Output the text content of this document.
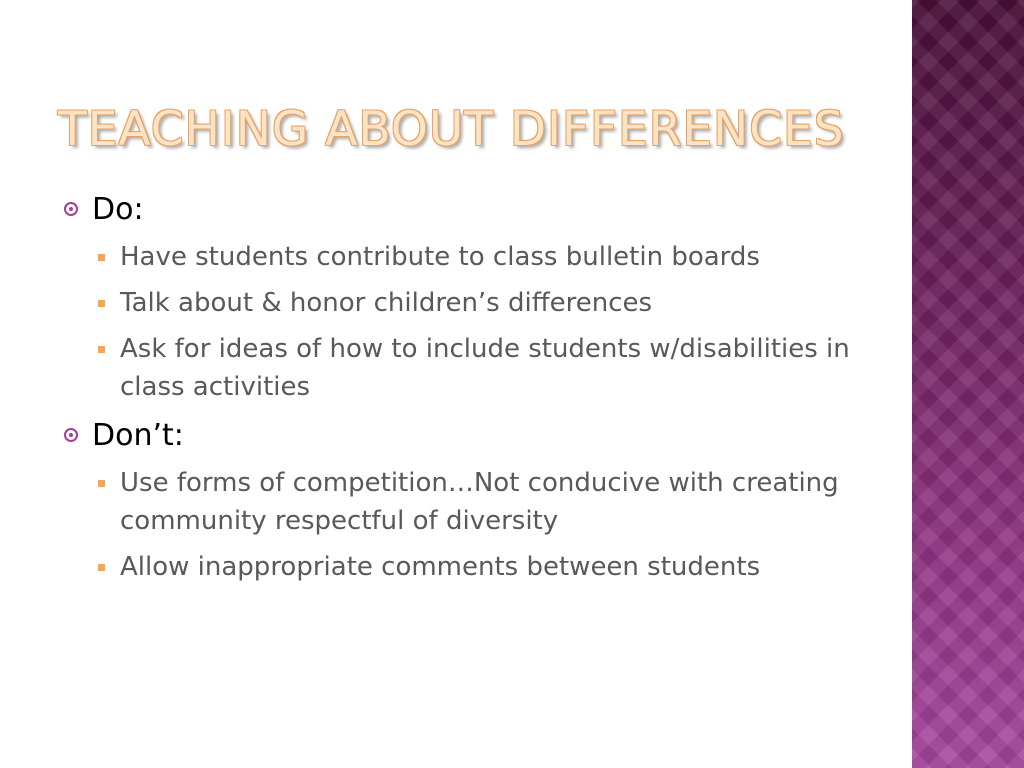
TEACHING ABOUT DIFFERENCES
Do:
Have students contribute to class bulletin boards
Talk about & honor children’s differences
Ask for ideas of how to include students w/disabilities in class activities
Don’t:
Use forms of competition…Not conducive with creating community respectful of diversity
Allow inappropriate comments between students
